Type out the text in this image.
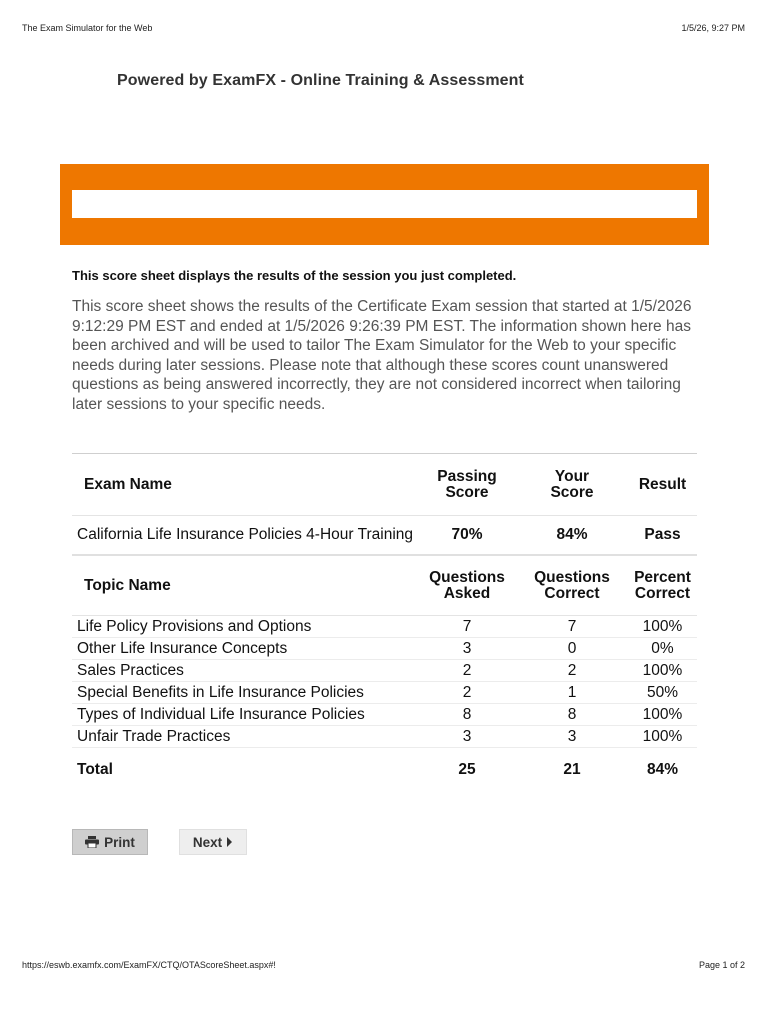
The Exam Simulator for the Web	1/5/26, 9:27 PM
Powered by ExamFX - Online Training & Assessment
This score sheet displays the results of the session you just completed.
This score sheet shows the results of the Certificate Exam session that started at 1/5/2026 9:12:29 PM EST and ended at 1/5/2026 9:26:39 PM EST. The information shown here has been archived and will be used to tailor The Exam Simulator for the Web to your specific needs during later sessions. Please note that although these scores count unanswered questions as being answered incorrectly, they are not considered incorrect when tailoring later sessions to your specific needs.
Exam Name	Passing Score	Your Score	Result
California Life Insurance Policies 4-Hour Training	70%	84%	Pass
Topic Name	Questions Asked	Questions Correct	Percent Correct

Life Policy Provisions and Options	7	7	100%
Other Life Insurance Concepts	3	0	0%
Sales Practices	2	2	100%
Special Benefits in Life Insurance Policies	2	1	50%
Types of Individual Life Insurance Policies	8	8	100%
Unfair Trade Practices	3	3	100%
Total	25	21	84%
Print	Next
https://eswb.examfx.com/ExamFX/CTQ/OTAScoreSheet.aspx#!	Page 1 of 2
